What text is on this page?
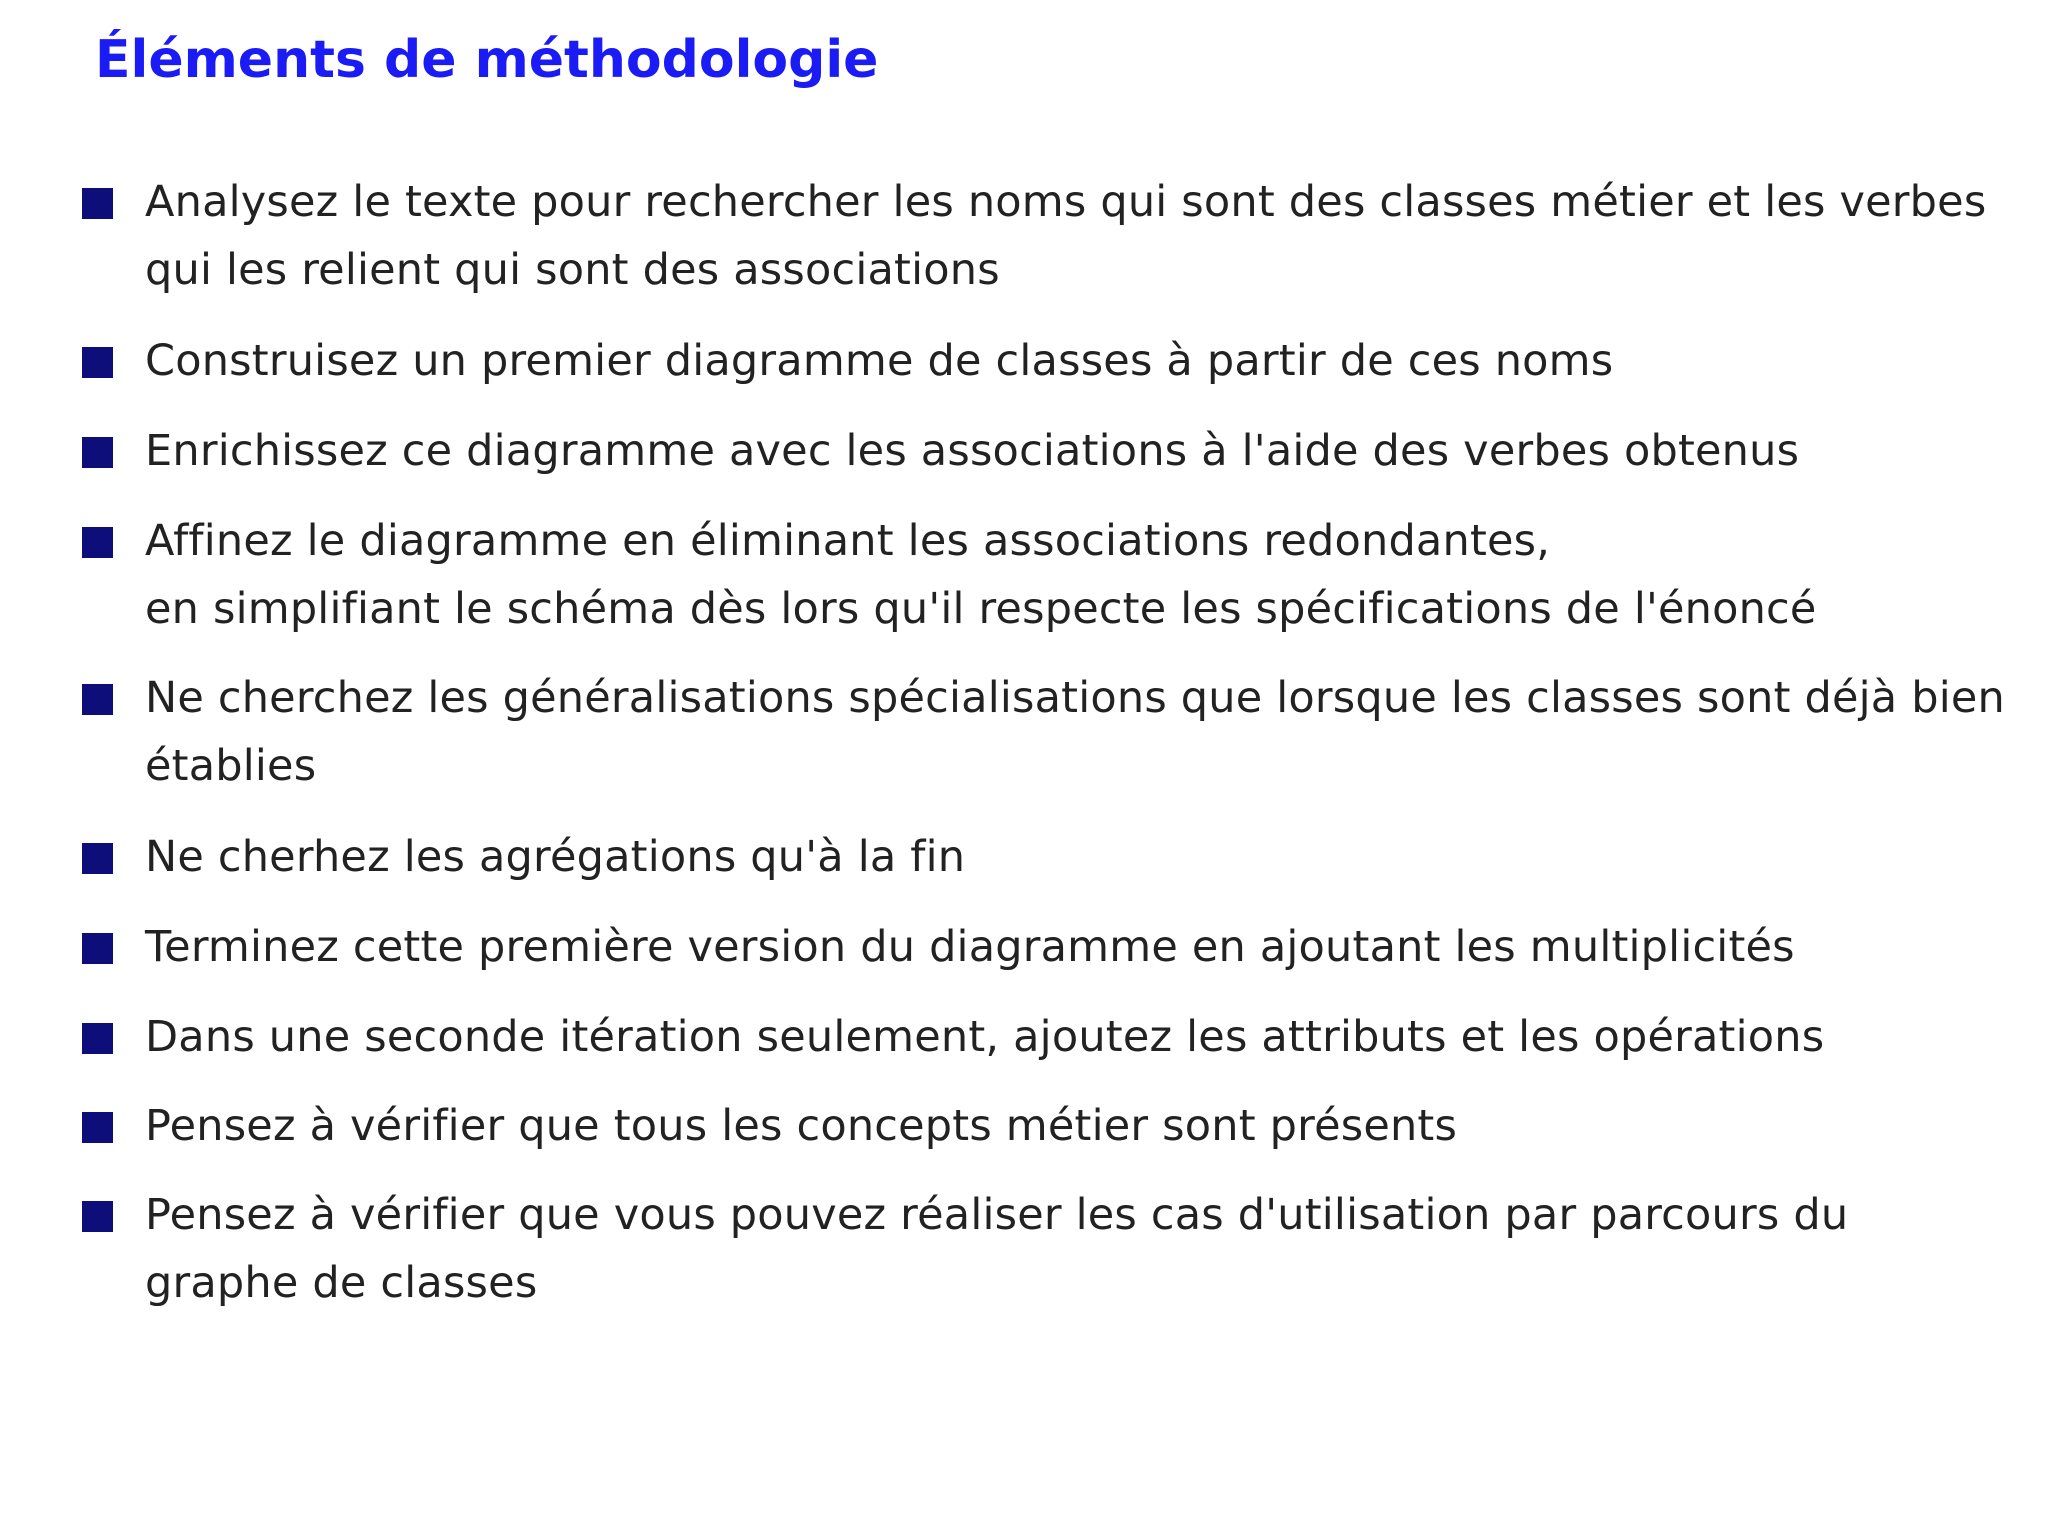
Éléments de méthodologie

Analysez le texte pour rechercher les noms qui sont des classes métier et les verbes
qui les relient qui sont des associations

Construisez un premier diagramme de classes à partir de ces noms

Enrichissez ce diagramme avec les associations à l'aide des verbes obtenus

Affinez le diagramme en éliminant les associations redondantes,
en simplifiant le schéma dès lors qu'il respecte les spécifications de l'énoncé

Ne cherchez les généralisations spécialisations que lorsque les classes sont déjà bien
établies

Ne cherhez les agrégations qu'à la fin

Terminez cette première version du diagramme en ajoutant les multiplicités

Dans une seconde itération seulement, ajoutez les attributs et les opérations

Pensez à vérifier que tous les concepts métier sont présents

Pensez à vérifier que vous pouvez réaliser les cas d'utilisation par parcours du
graphe de classes
